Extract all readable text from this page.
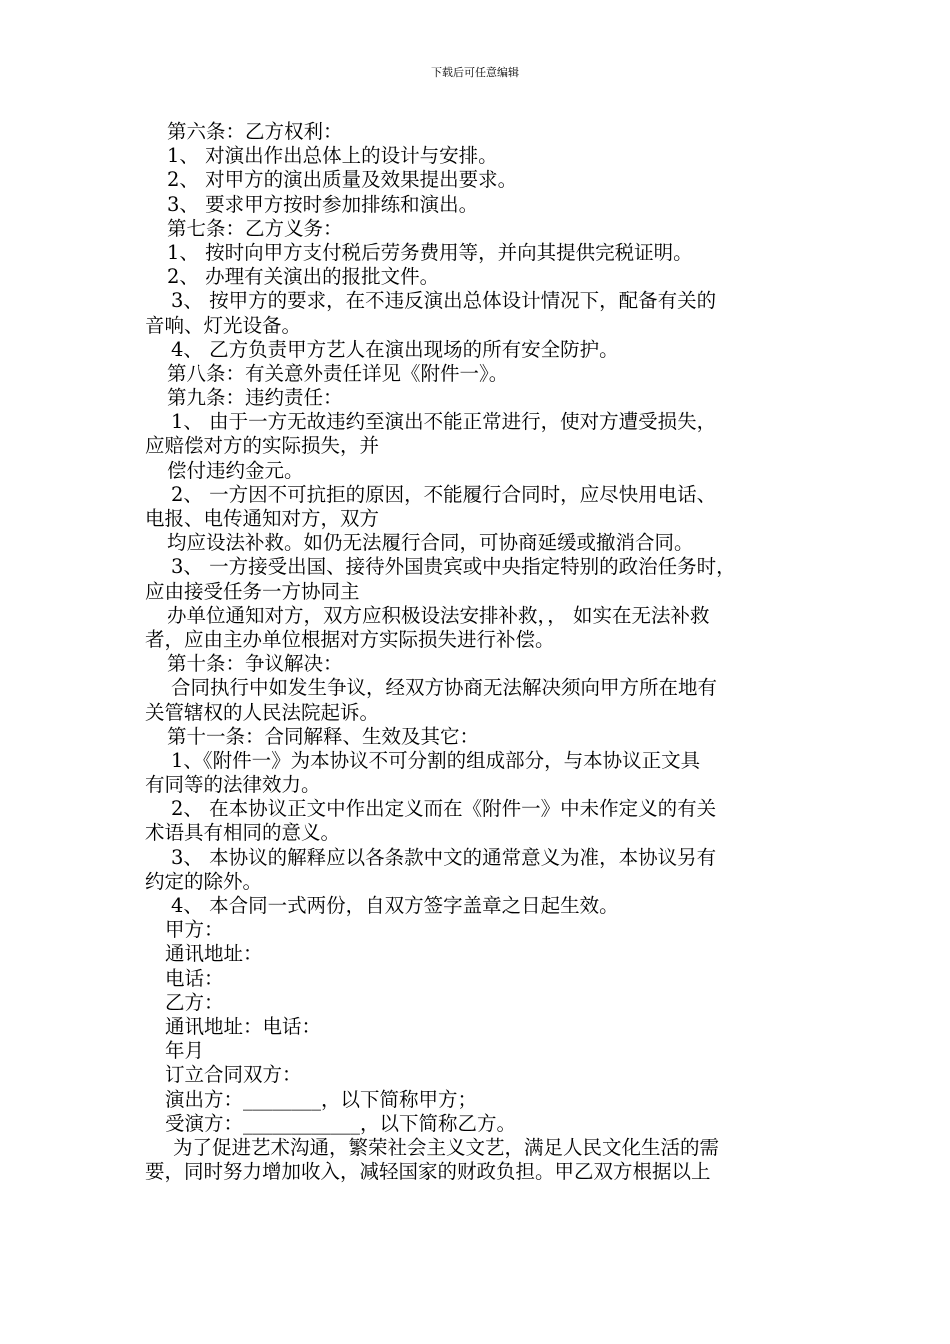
下载后可任意编辑
第六条：乙方权利：
1、 对演出作出总体上的设计与安排。
2、 对甲方的演出质量及效果提出要求。
3、 要求甲方按时参加排练和演出。
第七条：乙方义务：
1、 按时向甲方支付税后劳务费用等，并向其提供完税证明。
2、 办理有关演出的报批文件。
3、 按甲方的要求，在不违反演出总体设计情况下，配备有关的
音响、灯光设备。
4、 乙方负责甲方艺人在演出现场的所有安全防护。
第八条：有关意外责任详见《附件一》。
第九条：违约责任：
1、 由于一方无故违约至演出不能正常进行，使对方遭受损失，
应赔偿对方的实际损失，并
偿付违约金元。
2、 一方因不可抗拒的原因，不能履行合同时，应尽快用电话、
电报、电传通知对方，双方
均应设法补救。如仍无法履行合同，可协商延缓或撤消合同。
3、 一方接受出国、接待外国贵宾或中央指定特别的政治任务时，
应由接受任务一方协同主
办单位通知对方，双方应积极设法安排补救，， 如实在无法补救
者，应由主办单位根据对方实际损失进行补偿。
第十条：争议解决：
合同执行中如发生争议，经双方协商无法解决须向甲方所在地有
关管辖权的人民法院起诉。
第十一条：合同解释、生效及其它：
1、《附件一》为本协议不可分割的组成部分，与本协议正文具
有同等的法律效力。
2、 在本协议正文中作出定义而在《附件一》中未作定义的有关
术语具有相同的意义。
3、 本协议的解释应以各条款中文的通常意义为准，本协议另有
约定的除外。
4、 本合同一式两份，自双方签字盖章之日起生效。
甲方：
通讯地址：
电话：
乙方：
通讯地址：电话：
年月
订立合同双方：
演出方：________，以下简称甲方；
受演方：____________，以下简称乙方。
为了促进艺术沟通，繁荣社会主义文艺，满足人民文化生活的需
要，同时努力增加收入，减轻国家的财政负担。甲乙双方根据以上
